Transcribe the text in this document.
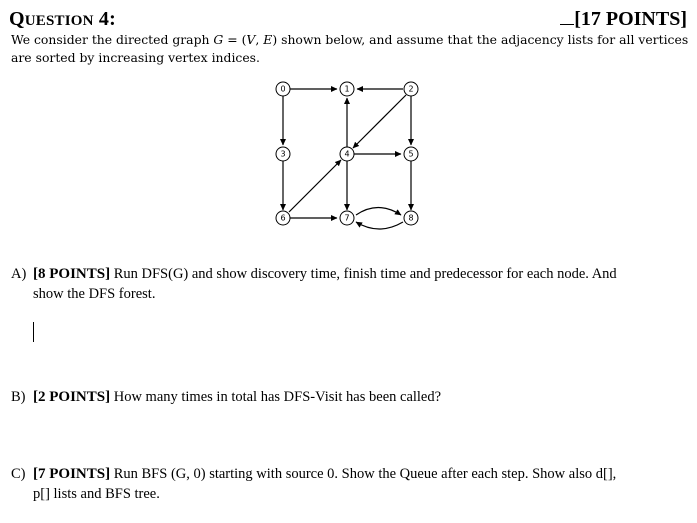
QUESTION 4:	[17 POINTS]
We consider the directed graph G = (V, E) shown below, and assume that the adjacency lists for all vertices
are sorted by increasing vertex indices.
0	1	2
3	4	5
6	7	8
A) [8 POINTS] Run DFS(G) and show discovery time, finish time and predecessor for each node. And
show the DFS forest.
B) [2 POINTS] How many times in total has DFS-Visit has been called?
C) [7 POINTS] Run BFS (G, 0) starting with source 0. Show the Queue after each step. Show also d[],
p[] lists and BFS tree.
